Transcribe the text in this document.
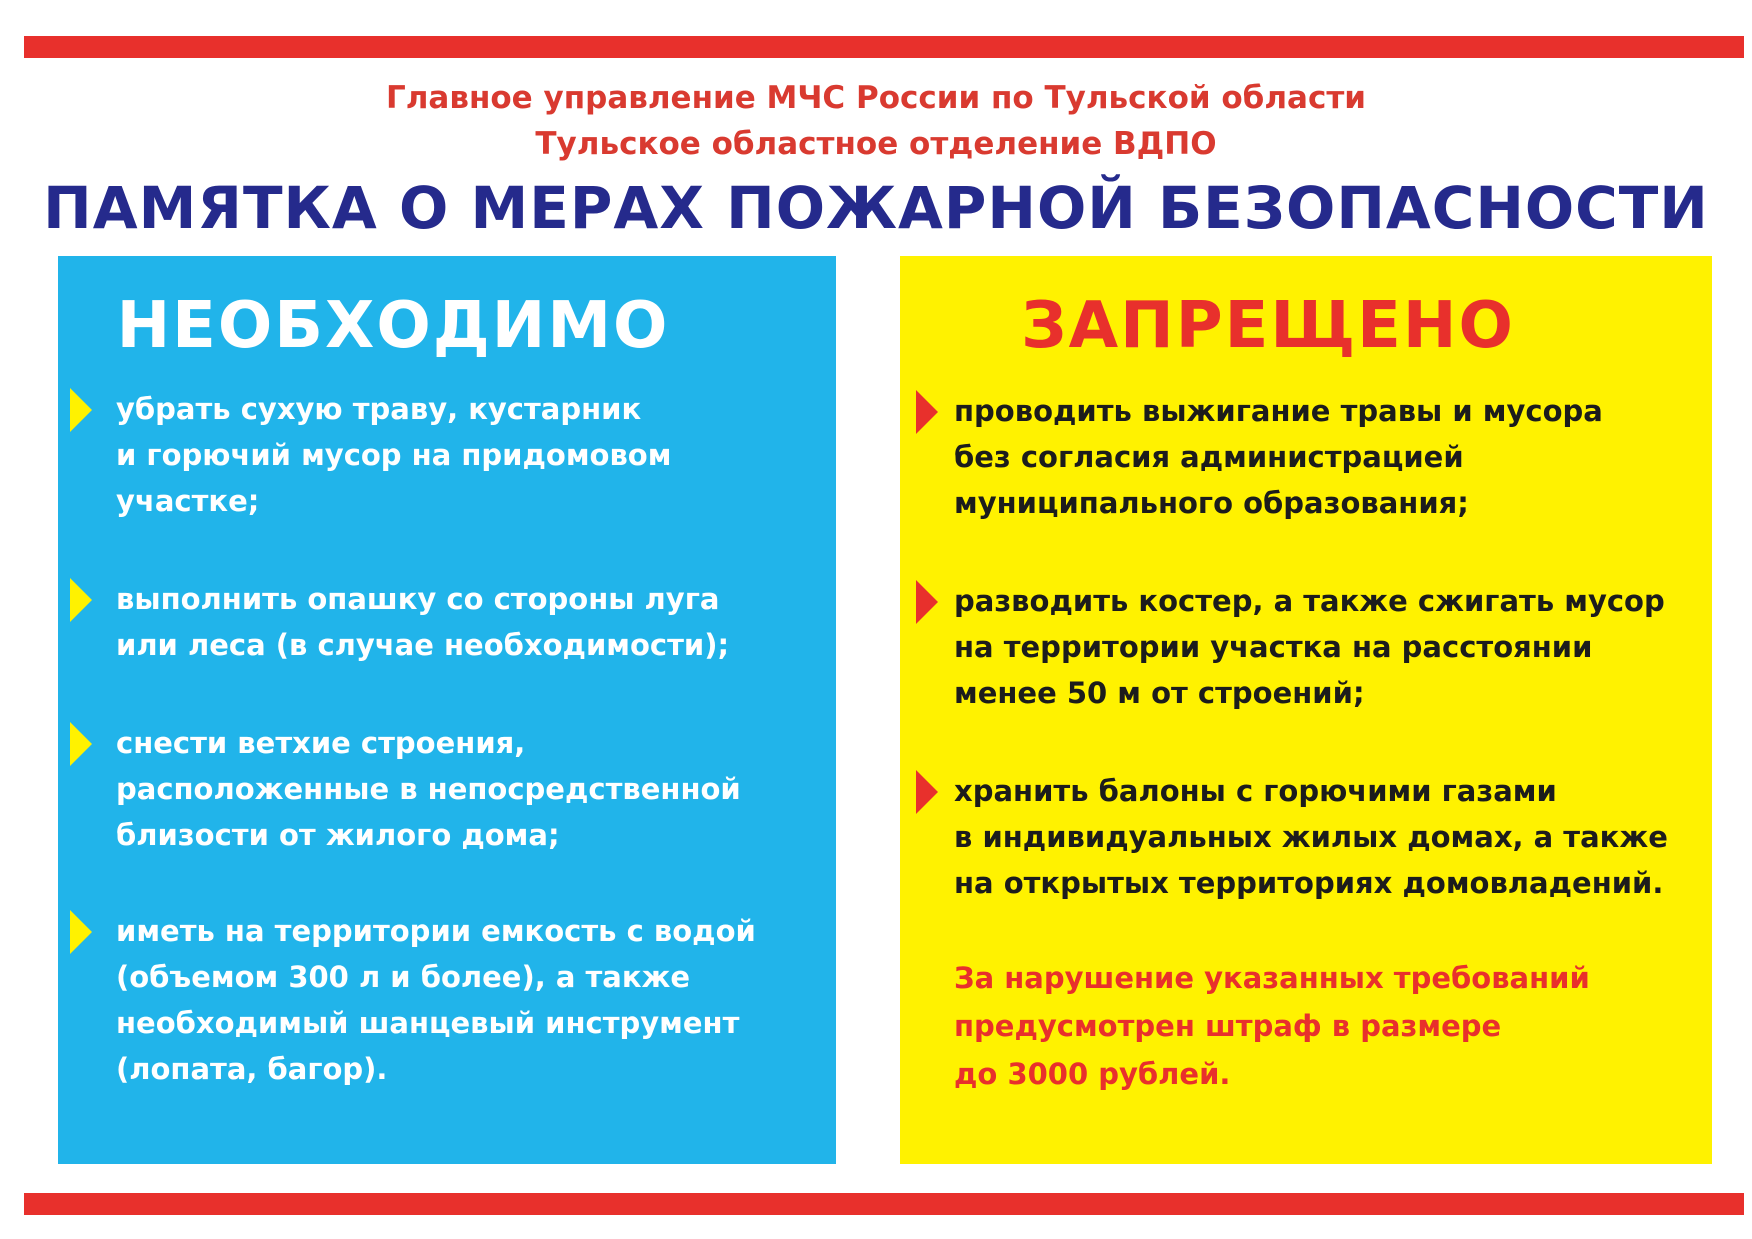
Главное управление МЧС России по Тульской области
Тульское областное отделение ВДПО
ПАМЯТКА О МЕРАХ ПОЖАРНОЙ БЕЗОПАСНОСТИ
НЕОБХОДИМО
убрать сухую траву, кустарник
и горючий мусор на придомовом
участке;
выполнить опашку со стороны луга
или леса (в случае необходимости);
снести ветхие строения,
расположенные в непосредственной
близости от жилого дома;
иметь на территории емкость с водой
(объемом 300 л и более), а также
необходимый шанцевый инструмент
(лопата, багор).
ЗАПРЕЩЕНО
проводить выжигание травы и мусора
без согласия администрацией
муниципального образования;
разводить костер, а также сжигать мусор
на территории участка на расстоянии
менее 50 м от строений;
хранить балоны с горючими газами
в индивидуальных жилых домах, а также
на открытых территориях домовладений.
За нарушение указанных требований
предусмотрен штраф в размере
до 3000 рублей.
